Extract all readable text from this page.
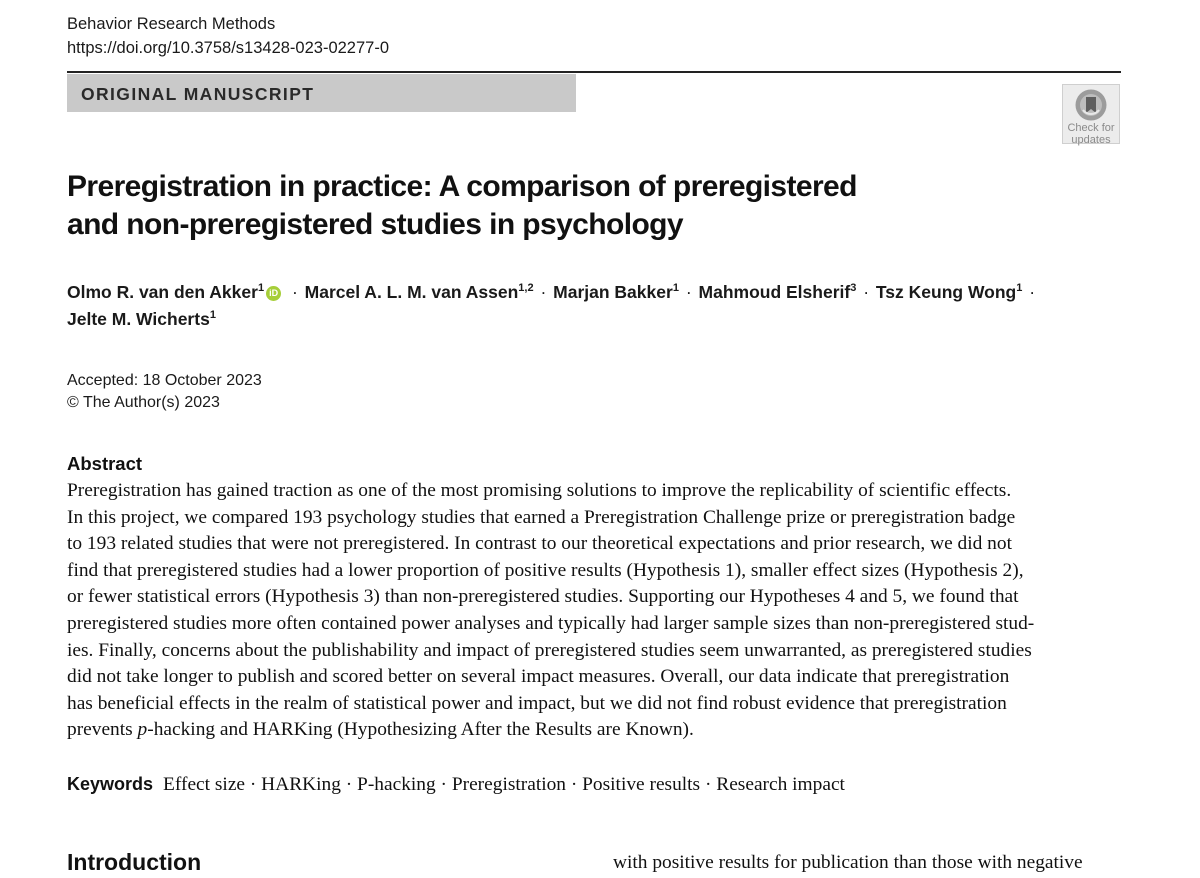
Behavior Research Methods
https://doi.org/10.3758/s13428-023-02277-0
ORIGINAL MANUSCRIPT
Check for
updates
Preregistration in practice: A comparison of preregistered
and non-preregistered studies in psychology
Olmo R. van den Akker$^1$ iD · Marcel A. L. M. van Assen$^{1,2}$ · Marjan Bakker$^1$ · Mahmoud Elsherif$^3$ · Tsz Keung Wong$^1$ ·
Jelte M. Wicherts$^1$
Accepted: 18 October 2023
© The Author(s) 2023
Abstract

Preregistration has gained traction as one of the most promising solutions to improve the replicability of scientific effects.
In this project, we compared 193 psychology studies that earned a Preregistration Challenge prize or preregistration badge
to 193 related studies that were not preregistered. In contrast to our theoretical expectations and prior research, we did not
find that preregistered studies had a lower proportion of positive results (Hypothesis 1), smaller effect sizes (Hypothesis 2),
or fewer statistical errors (Hypothesis 3) than non-preregistered studies. Supporting our Hypotheses 4 and 5, we found that
preregistered studies more often contained power analyses and typically had larger sample sizes than non-preregistered stud-
ies. Finally, concerns about the publishability and impact of preregistered studies seem unwarranted, as preregistered studies
did not take longer to publish and scored better on several impact measures. Overall, our data indicate that preregistration
has beneficial effects in the realm of statistical power and impact, but we did not find robust evidence that preregistration
prevents p-hacking and HARKing (Hypothesizing After the Results are Known).

Keywords Effect size · HARKing · P-hacking · Preregistration · Positive results · Research impact
Introduction	with positive results for publication than those with negative
